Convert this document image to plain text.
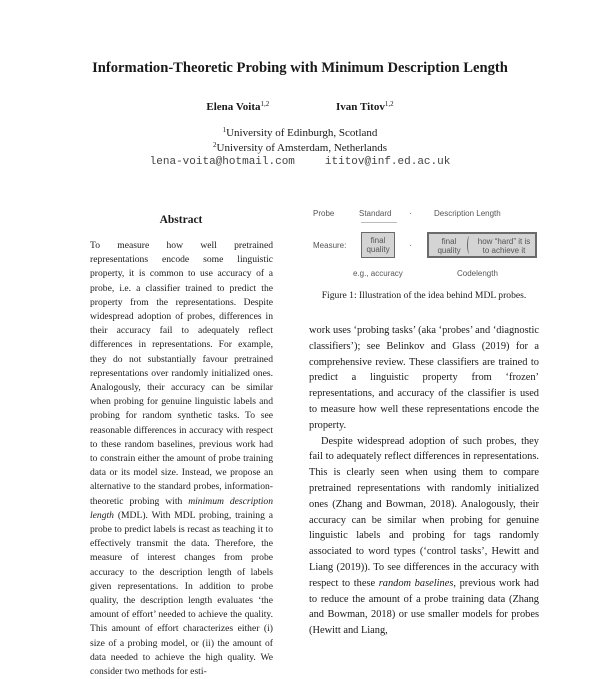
Information-Theoretic Probing with Minimum Description Length
Elena Voita$^{1,2}$	Ivan Titov$^{1,2}$
$^1$University of Edinburgh, Scotland
$^2$University of Amsterdam, Netherlands
lena-voita@hotmail.com	ititov@inf.ed.ac.uk
Abstract

To measure how well pretrained representations encode some linguistic property, it is common to use accuracy of a probe, i.e. a classifier trained to predict the property from the representations. Despite widespread adoption of probes, differences in their accuracy fail to adequately reflect differences in representations. For example, they do not substantially favour pretrained representations over randomly initialized ones. Analogously, their accuracy can be similar when probing for genuine linguistic labels and probing for random synthetic tasks. To see reasonable differences in accuracy with respect to these random baselines, previous work had to constrain either the amount of probe training data or its model size. Instead, we propose an alternative to the standard probes, information-theoretic probing with minimum description length (MDL). With MDL probing, training a probe to predict labels is recast as teaching it to effectively transmit the data. Therefore, the measure of interest changes from probe accuracy to the description length of labels given representations. In addition to probe quality, the description length evaluates ‘the amount of effort’ needed to achieve the quality. This amount of effort characterizes either (i) size of a probing model, or (ii) the amount of data needed to achieve the high quality. We consider two methods for esti-

Probe	Standard ·	Description Length
Measure:
final
quality	·	final
quality
how “hard” it is
to achieve it
e.g., accuracy	Codelength
Figure 1: Illustration of the idea behind MDL probes.

work uses ‘probing tasks’ (aka ‘probes’ and ‘diagnostic classifiers’); see Belinkov and Glass (2019) for a comprehensive review. These classifiers are trained to predict a linguistic property from ‘frozen’ representations, and accuracy of the classifier is used to measure how well these representations encode the property.

Despite widespread adoption of such probes, they fail to adequately reflect differences in representations. This is clearly seen when using them to compare pretrained representations with randomly initialized ones (Zhang and Bowman, 2018). Analogously, their accuracy can be similar when probing for genuine linguistic labels and probing for tags randomly associated to word types (‘control tasks’, Hewitt and Liang (2019)). To see differences in the accuracy with respect to these random baselines, previous work had to reduce the amount of a probe training data (Zhang and Bowman, 2018) or use smaller models for probes (Hewitt and Liang,
